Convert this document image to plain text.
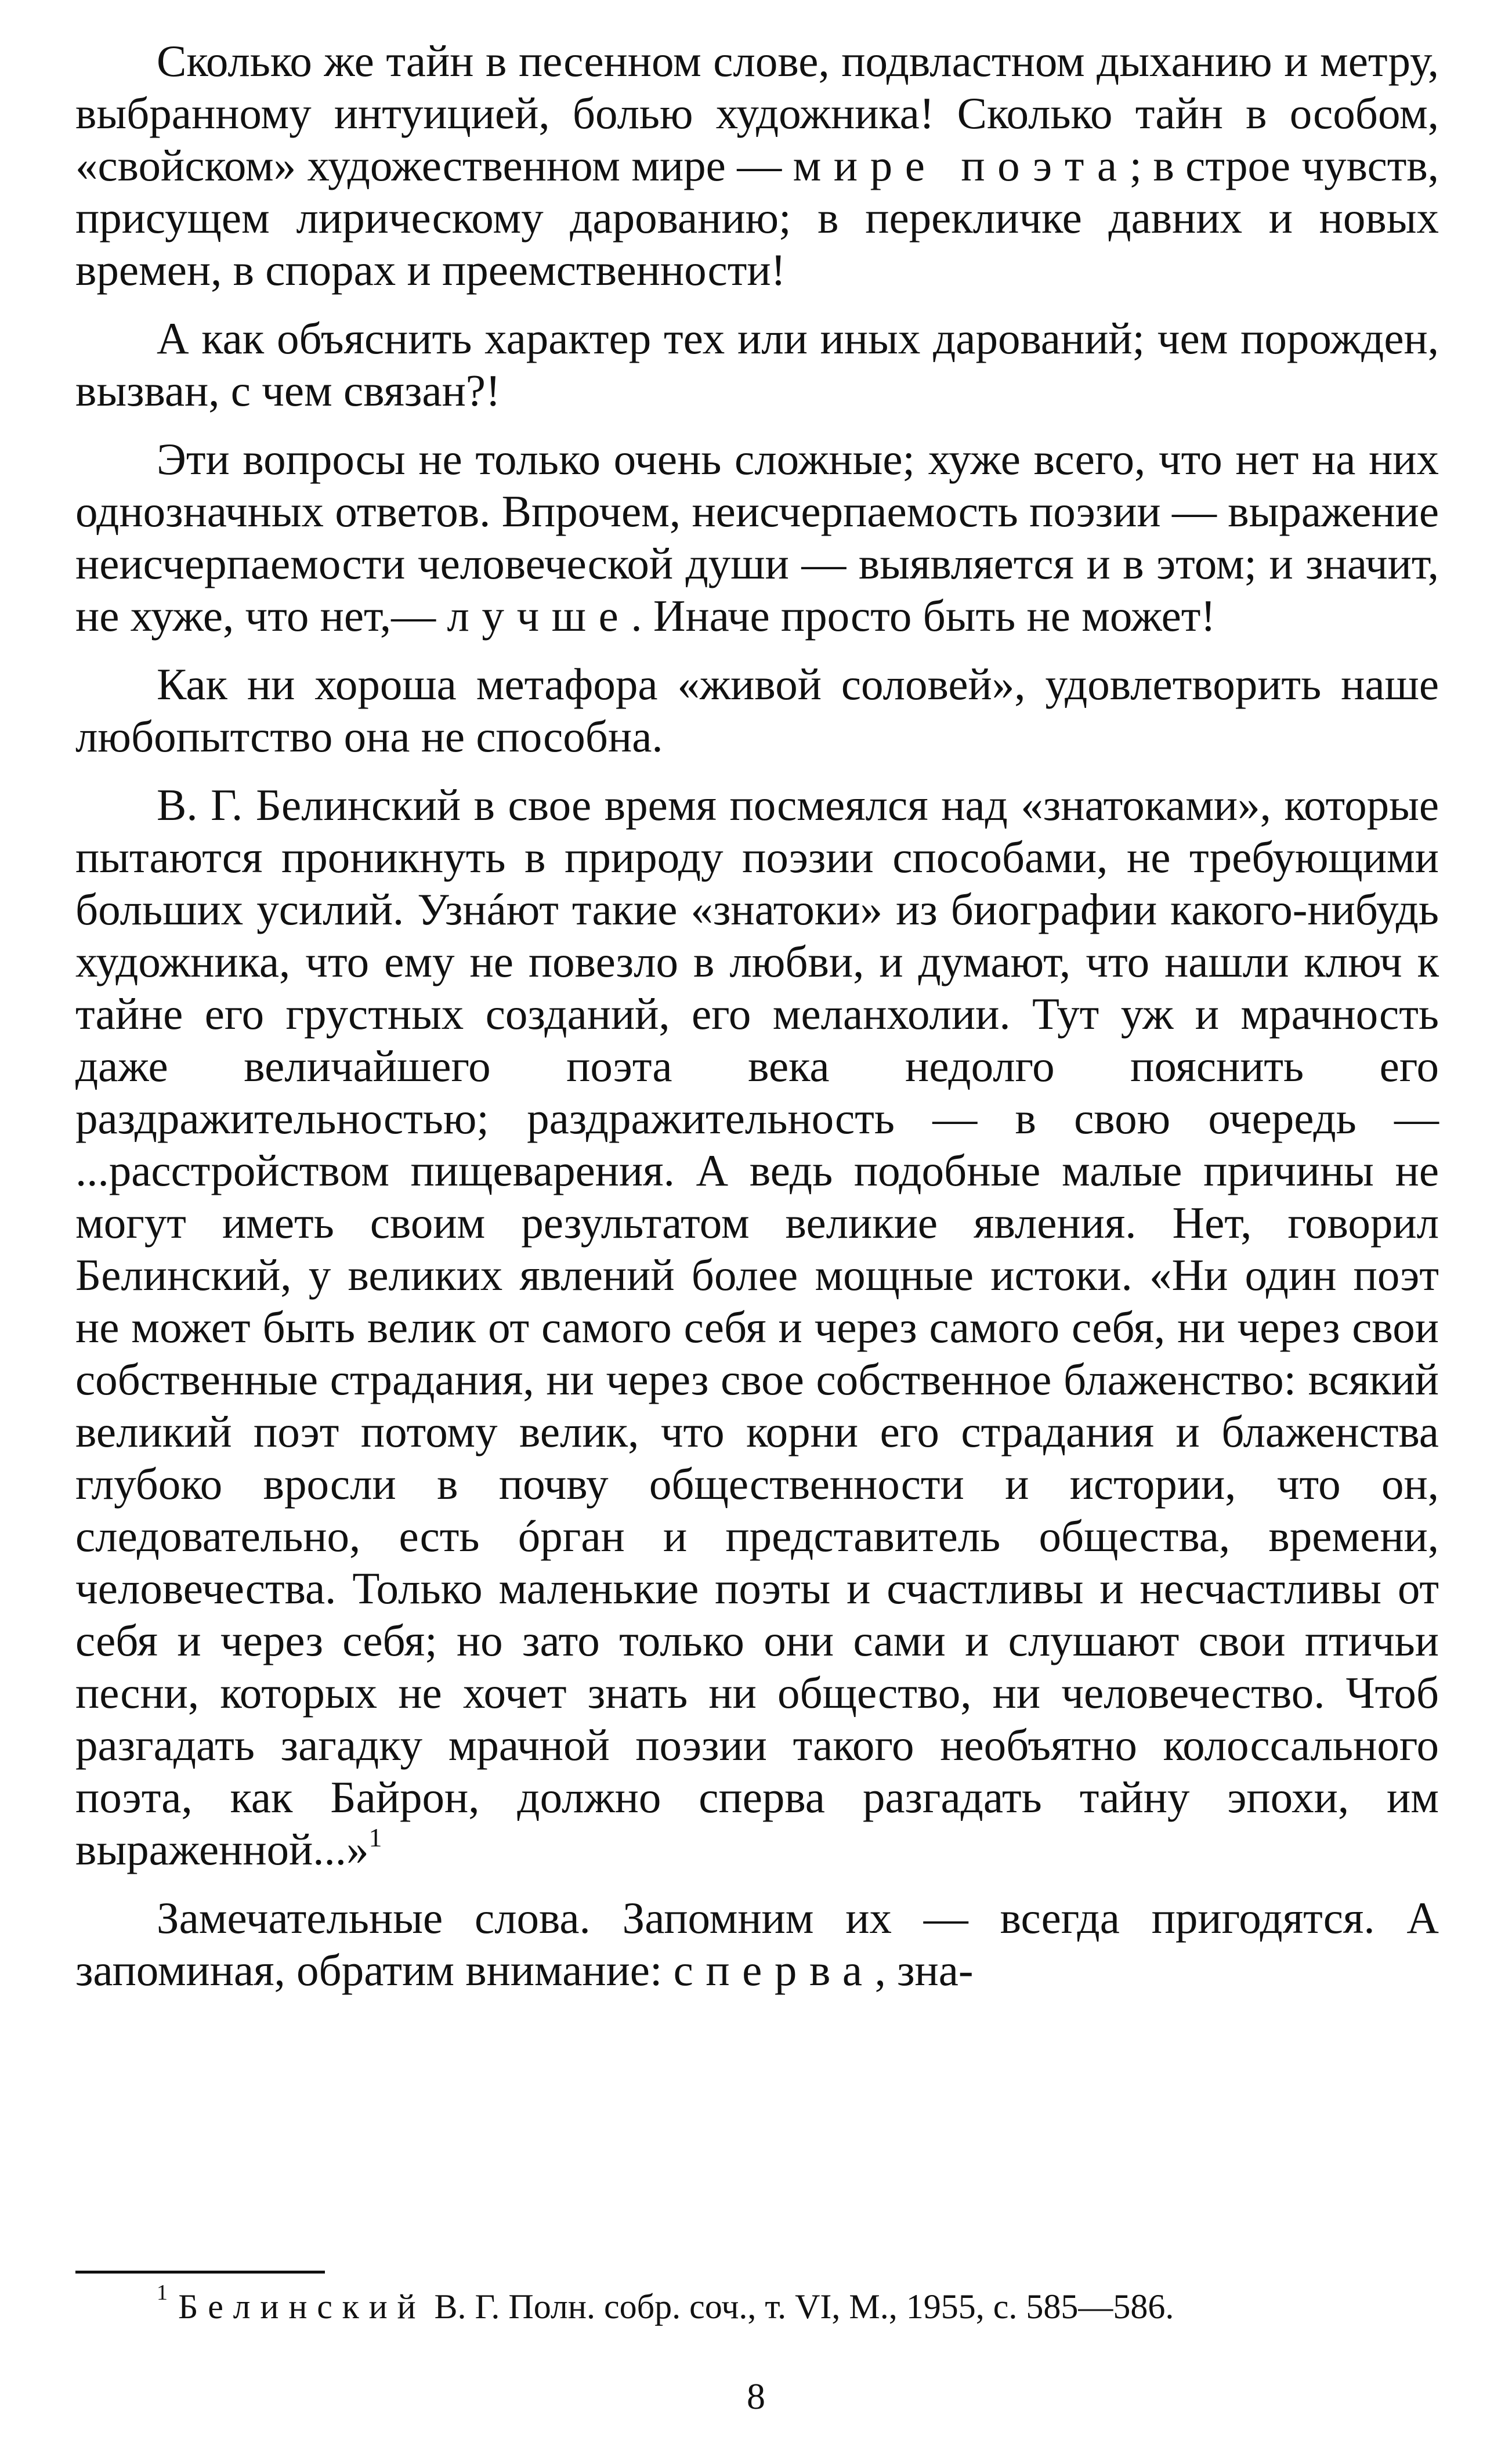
Сколько же тайн в песенном слове, подвластном дыханию и метру, выбранному интуицией, болью художника! Сколько тайн в особом, «свойском» художественном мире — мире поэта; в строе чувств, присущем лирическому дарованию; в перекличке давних и новых времен, в спорах и преемственности!

А как объяснить характер тех или иных дарований; чем порожден, вызван, с чем связан?!

Эти вопросы не только очень сложные; хуже всего, что нет на них однозначных ответов. Впрочем, неисчерпаемость поэзии — выражение неисчерпаемости человеческой души — выявляется и в этом; и значит, не хуже, что нет,— лучше. Иначе просто быть не может!

Как ни хороша метафора «живой соловей», удовлетворить наше любопытство она не способна.

В. Г. Белинский в свое время посмеялся над «знатоками», которые пытаются проникнуть в природу поэзии способами, не требующими больших усилий. Узнáют такие «знатоки» из биографии какого-нибудь художника, что ему не повезло в любви, и думают, что нашли ключ к тайне его грустных созданий, его меланхолии. Тут уж и мрачность даже величайшего поэта века недолго пояснить его раздражительностью; раздражительность — в свою очередь — ...расстройством пищеварения. А ведь подобные малые причины не могут иметь своим результатом великие явления. Нет, говорил Белинский, у великих явлений более мощные истоки. «Ни один поэт не может быть велик от самого себя и через самого себя, ни через свои собственные страдания, ни через свое собственное блаженство: всякий великий поэт потому велик, что корни его страдания и блаженства глубоко вросли в почву общественности и истории, что он, следовательно, есть óрган и представитель общества, времени, человечества. Только маленькие поэты и счастливы и несчастливы от себя и через себя; но зато только они сами и слушают свои птичьи песни, которых не хочет знать ни общество, ни человечество. Чтоб разгадать загадку мрачной поэзии такого необъятно колоссального поэта, как Байрон, должно сперва разгадать тайну эпохи, им выраженной...»$^1$

Замечательные слова. Запомним их — всегда пригодятся. А запоминая, обратим внимание: сперва, зна-

$^1$ Белинский В. Г. Полн. собр. соч., т. VI, М., 1955, с. 585—586.

8
